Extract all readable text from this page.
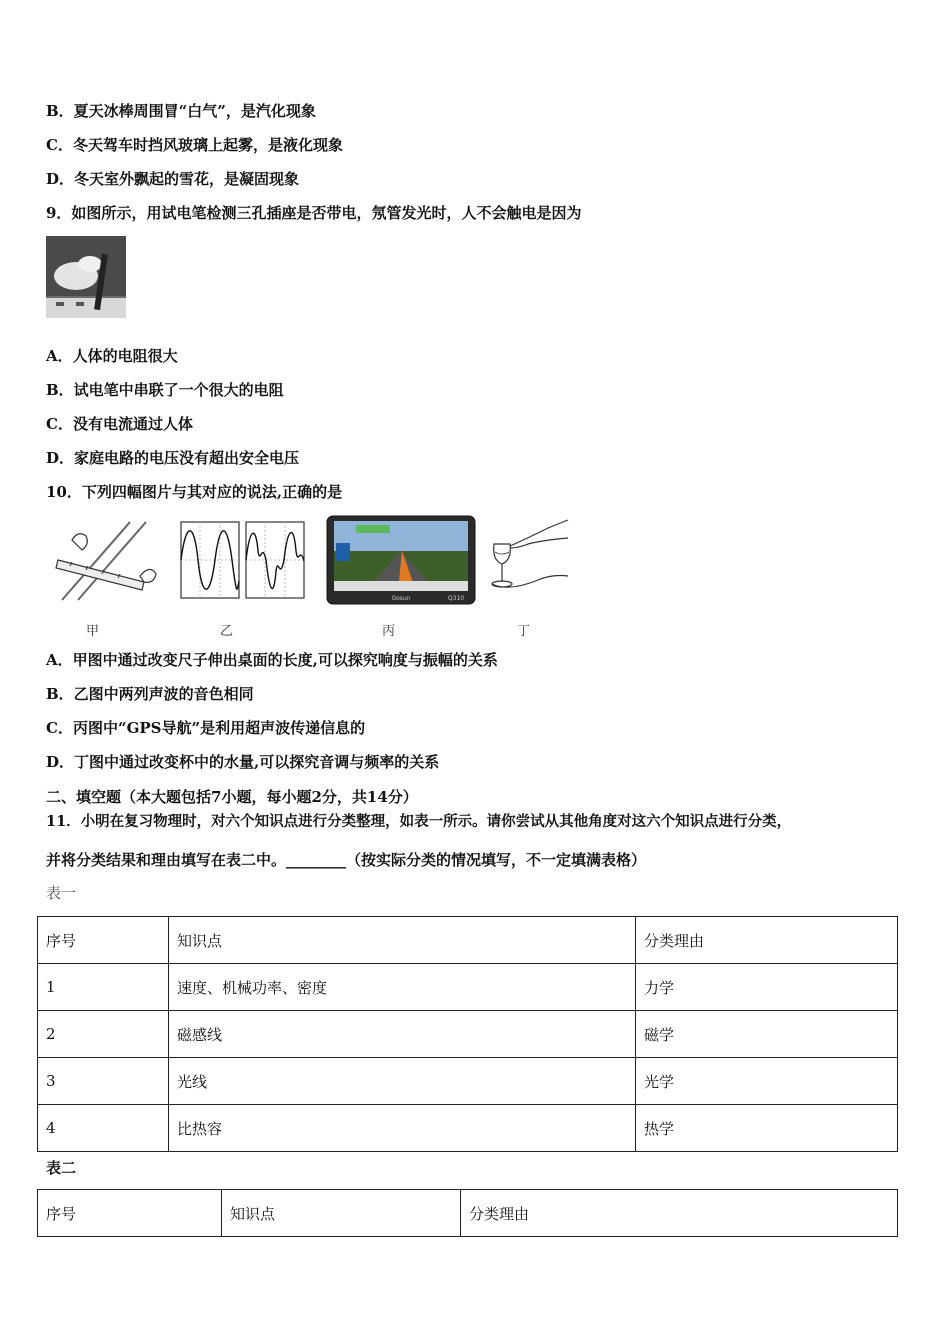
B．夏天冰棒周围冒“白气”，是汽化现象
C．冬天驾车时挡风玻璃上起雾，是液化现象
D．冬天室外飘起的雪花，是凝固现象
9．如图所示，用试电笔检测三孔插座是否带电，氖管发光时，人不会触电是因为
A．人体的电阻很大
B．试电笔中串联了一个很大的电阻
C．没有电流通过人体
D．家庭电路的电压没有超出安全电压
10．下列四幅图片与其对应的说法,正确的是
Gosun	Q310
甲	乙	丙	丁
A．甲图中通过改变尺子伸出桌面的长度,可以探究响度与振幅的关系
B．乙图中两列声波的音色相同
C．丙图中“GPS导航”是利用超声波传递信息的
D．丁图中通过改变杯中的水量,可以探究音调与频率的关系
二、填空题（本大题包括7小题，每小题2分，共14分）
11．小明在复习物理时，对六个知识点进行分类整理，如表一所示。请你尝试从其他角度对这六个知识点进行分类，
并将分类结果和理由填写在表二中。________（按实际分类的情况填写，不一定填满表格）
表一
序号	知识点	分类理由
1	速度、机械功率、密度	力学
2	磁感线	磁学
3	光线	光学
4	比热容	热学
表二
序号	知识点	分类理由
